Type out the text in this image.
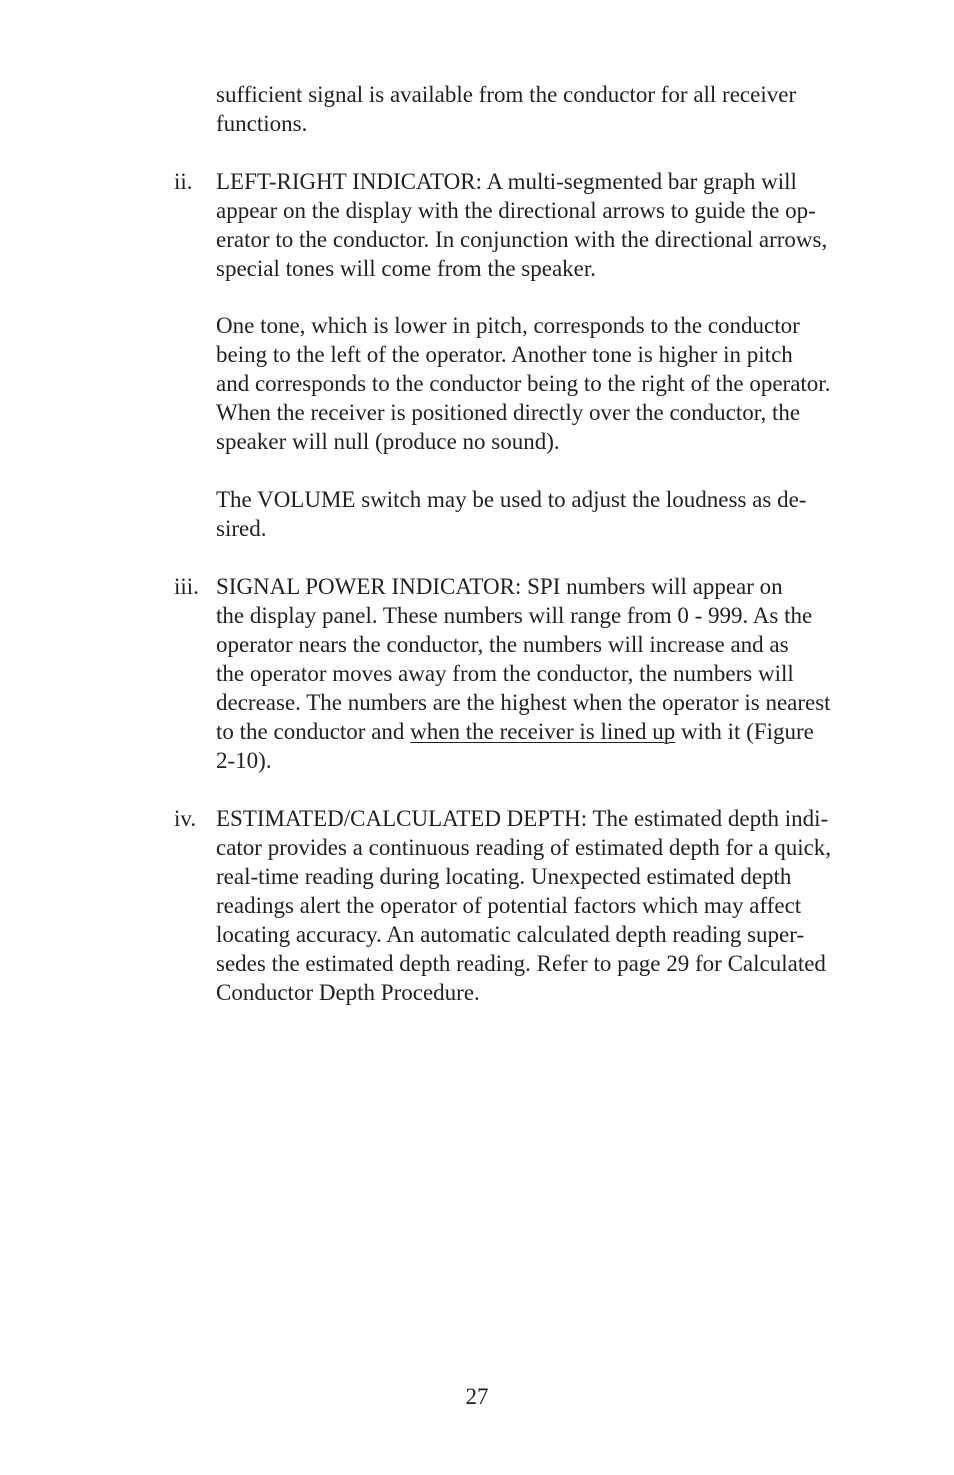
sufficient signal is available from the conductor for all receiver
functions.
ii. LEFT-RIGHT INDICATOR: A multi-segmented bar graph will
appear on the display with the directional arrows to guide the op-
erator to the conductor. In conjunction with the directional arrows,
special tones will come from the speaker.
One tone, which is lower in pitch, corresponds to the conductor
being to the left of the operator. Another tone is higher in pitch
and corresponds to the conductor being to the right of the operator.
When the receiver is positioned directly over the conductor, the
speaker will null (produce no sound).
The VOLUME switch may be used to adjust the loudness as de-
sired.
iii. SIGNAL POWER INDICATOR: SPI numbers will appear on
the display panel. These numbers will range from 0 - 999. As the
operator nears the conductor, the numbers will increase and as
the operator moves away from the conductor, the numbers will
decrease. The numbers are the highest when the operator is nearest
to the conductor and when the receiver is lined up with it (Figure
2-10).
iv. ESTIMATED/CALCULATED DEPTH: The estimated depth indi-
cator provides a continuous reading of estimated depth for a quick,
real-time reading during locating. Unexpected estimated depth
readings alert the operator of potential factors which may affect
locating accuracy. An automatic calculated depth reading super-
sedes the estimated depth reading. Refer to page 29 for Calculated
Conductor Depth Procedure.
27
